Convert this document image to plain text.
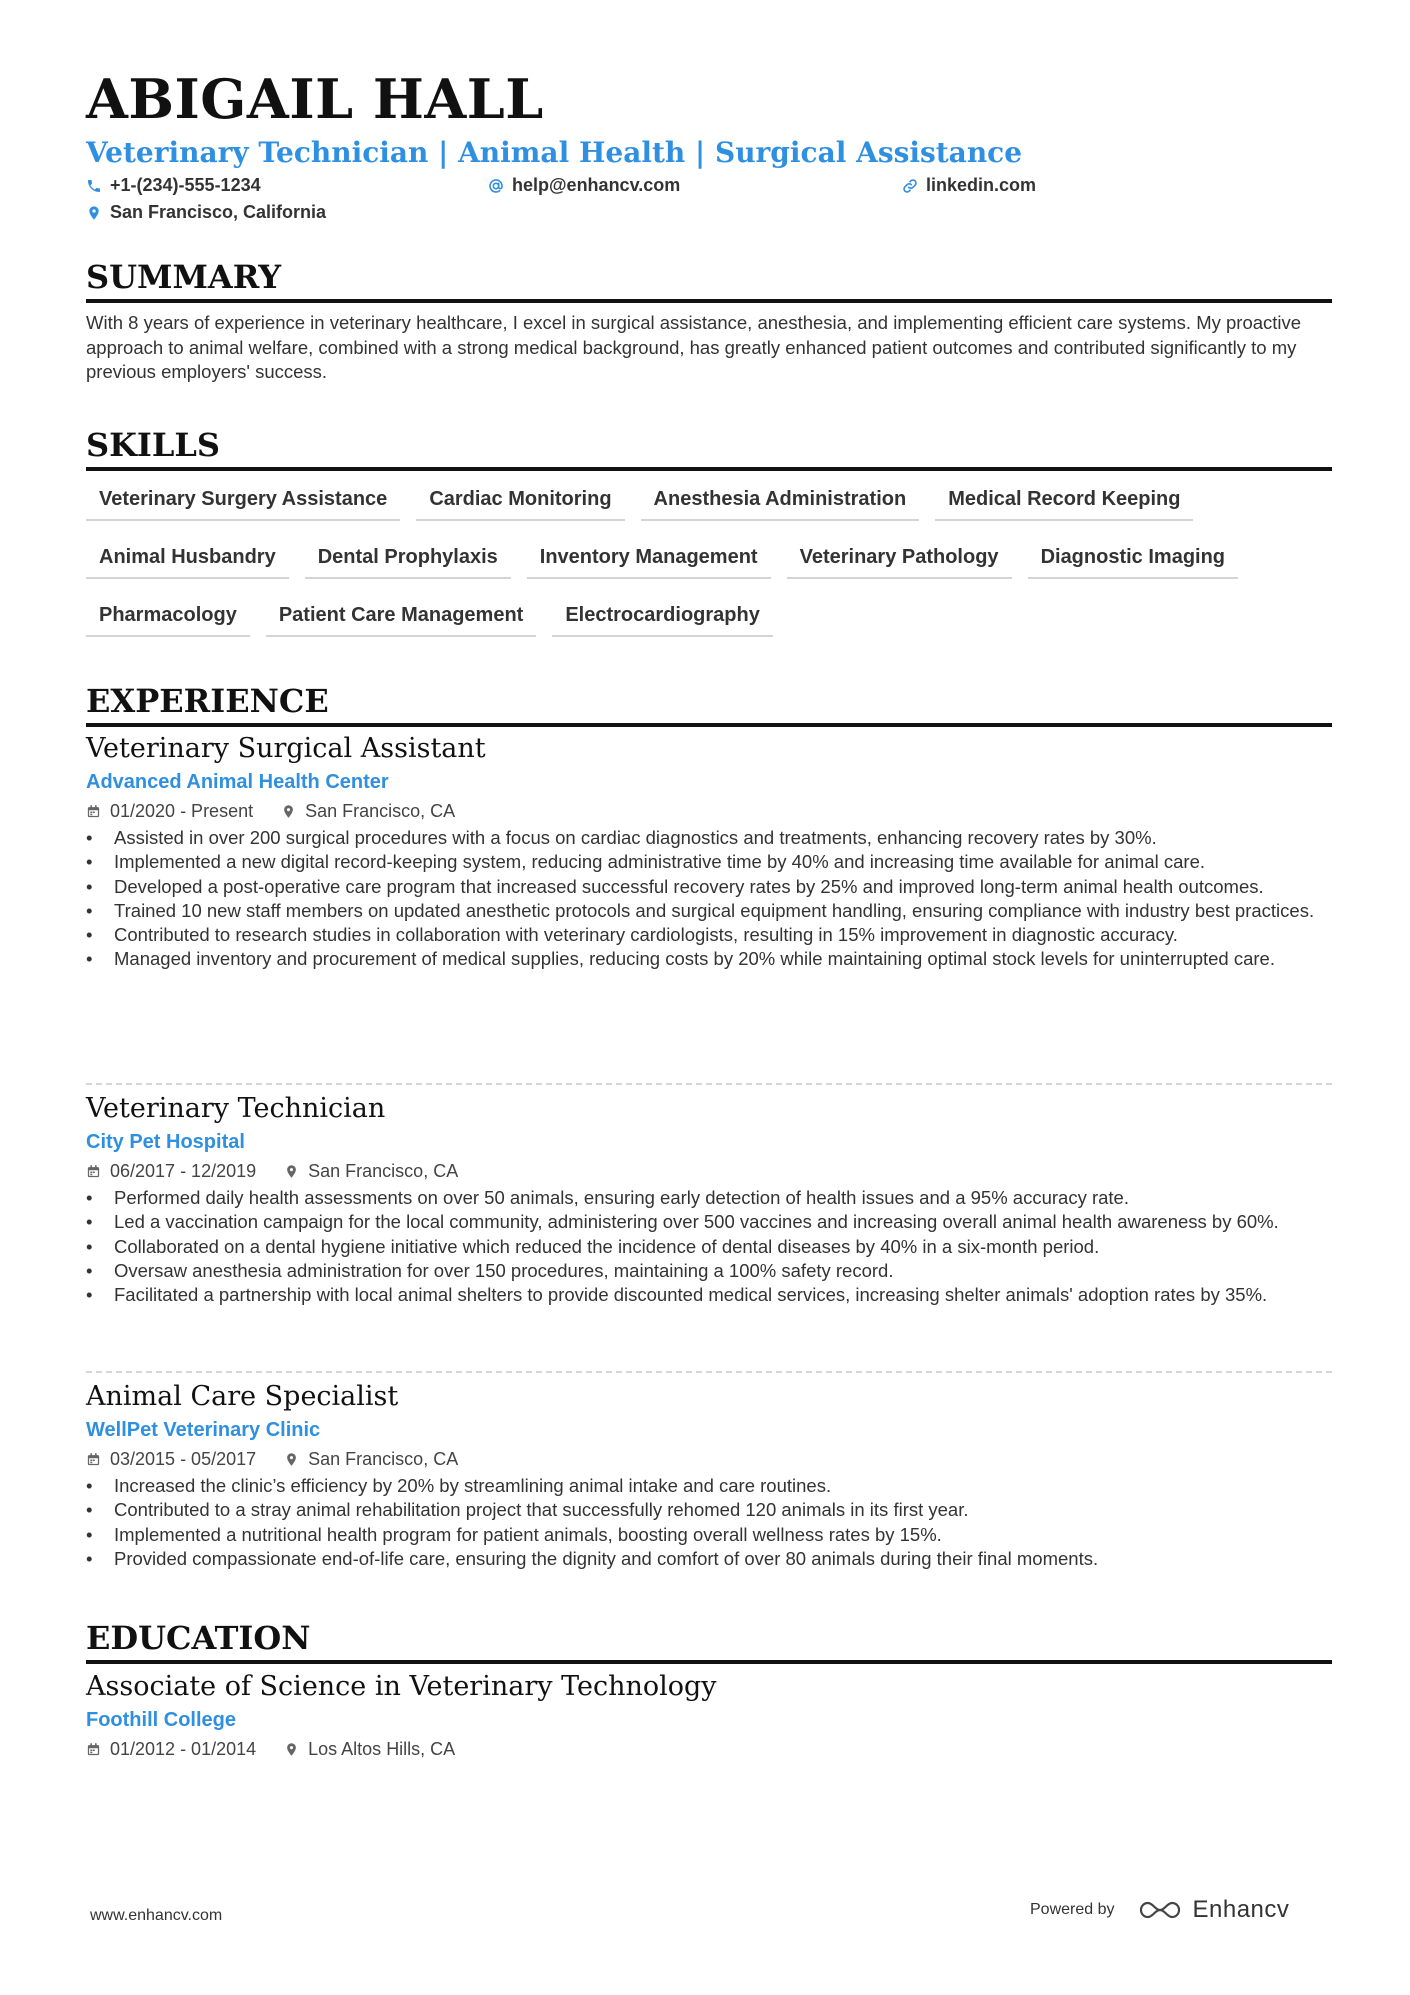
ABIGAIL HALL
Veterinary Technician | Animal Health | Surgical Assistance
+1-(234)-555-1234	help@enhancv.com	linkedin.com
San Francisco, California
SUMMARY

With 8 years of experience in veterinary healthcare, I excel in surgical assistance, anesthesia, and implementing efficient care systems. My proactive approach to animal welfare, combined with a strong medical background, has greatly enhanced patient outcomes and contributed significantly to my previous employers' success.

SKILLS
Veterinary Surgery Assistance	Cardiac Monitoring	Anesthesia Administration	Medical Record Keeping
Animal Husbandry	Dental Prophylaxis	Inventory Management	Veterinary Pathology	Diagnostic Imaging
Pharmacology	Patient Care Management	Electrocardiography
EXPERIENCE
Veterinary Surgical Assistant
Advanced Animal Health Center
01/2020 - Present	San Francisco, CA
• Assisted in over 200 surgical procedures with a focus on cardiac diagnostics and treatments, enhancing recovery rates by 30%.
• Implemented a new digital record-keeping system, reducing administrative time by 40% and increasing time available for animal care.
• Developed a post-operative care program that increased successful recovery rates by 25% and improved long-term animal health outcomes.
• Trained 10 new staff members on updated anesthetic protocols and surgical equipment handling, ensuring compliance with industry best practices.
• Contributed to research studies in collaboration with veterinary cardiologists, resulting in 15% improvement in diagnostic accuracy.
• Managed inventory and procurement of medical supplies, reducing costs by 20% while maintaining optimal stock levels for uninterrupted care.
Veterinary Technician
City Pet Hospital
06/2017 - 12/2019	San Francisco, CA
• Performed daily health assessments on over 50 animals, ensuring early detection of health issues and a 95% accuracy rate.
• Led a vaccination campaign for the local community, administering over 500 vaccines and increasing overall animal health awareness by 60%.
• Collaborated on a dental hygiene initiative which reduced the incidence of dental diseases by 40% in a six-month period.
• Oversaw anesthesia administration for over 150 procedures, maintaining a 100% safety record.
• Facilitated a partnership with local animal shelters to provide discounted medical services, increasing shelter animals' adoption rates by 35%.
Animal Care Specialist
WellPet Veterinary Clinic
03/2015 - 05/2017	San Francisco, CA
• Increased the clinic’s efficiency by 20% by streamlining animal intake and care routines.
• Contributed to a stray animal rehabilitation project that successfully rehomed 120 animals in its first year.
• Implemented a nutritional health program for patient animals, boosting overall wellness rates by 15%.
• Provided compassionate end-of-life care, ensuring the dignity and comfort of over 80 animals during their final moments.
EDUCATION
Associate of Science in Veterinary Technology
Foothill College
01/2012 - 01/2014	Los Altos Hills, CA
www.enhancv.com	Powered by	Enhancv
